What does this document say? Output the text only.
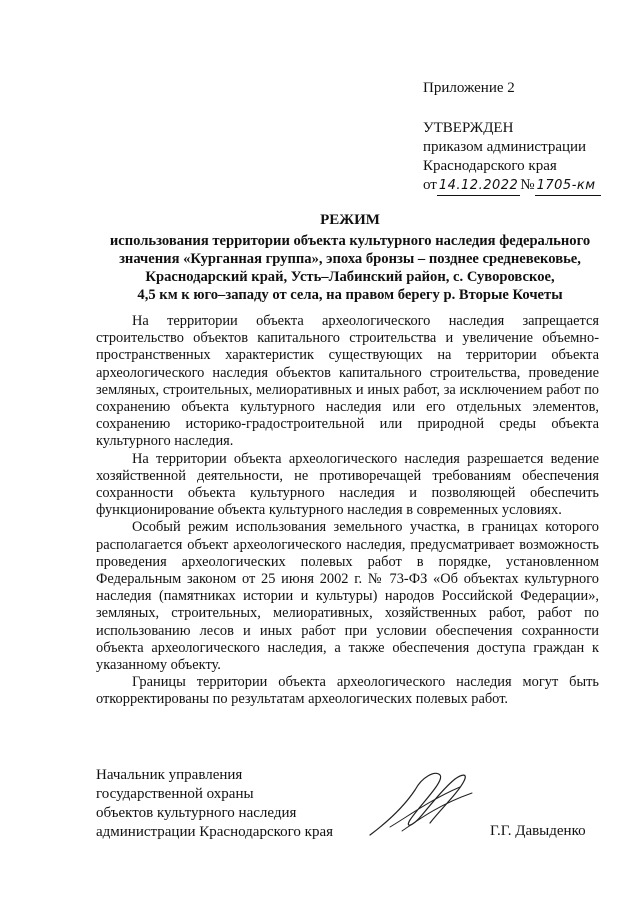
Приложение 2
УТВЕРЖДЕН
приказом администрации
Краснодарского края
от 14.12.2022 № 1705-км
РЕЖИМ
использования территории объекта культурного наследия федерального
значения «Курганная группа», эпоха бронзы – позднее средневековье,
Краснодарский край, Усть–Лабинский район, с. Суворовское,
4,5 км к юго–западу от села, на правом берегу р. Вторые Кочеты

На территории объекта археологического наследия запрещается строительство объектов капитального строительства и увеличение объемно-пространственных характеристик существующих на территории объекта археологического наследия объектов капитального строительства, проведение земляных, строительных, мелиоративных и иных работ, за исключением работ по сохранению объекта культурного наследия или его отдельных элементов, сохранению историко-градостроительной или природной среды объекта культурного наследия.

На территории объекта археологического наследия разрешается ведение хозяйственной деятельности, не противоречащей требованиям обеспечения сохранности объекта культурного наследия и позволяющей обеспечить функционирование объекта культурного наследия в современных условиях.

Особый режим использования земельного участка, в границах которого располагается объект археологического наследия, предусматривает возможность проведения археологических полевых работ в порядке, установленном Федеральным законом от 25 июня 2002 г. № 73-ФЗ «Об объектах культурного наследия (памятниках истории и культуры) народов Российской Федерации», земляных, строительных, мелиоративных, хозяйственных работ, работ по использованию лесов и иных работ при условии обеспечения сохранности объекта археологического наследия, а также обеспечения доступа граждан к указанному объекту.

Границы территории объекта археологического наследия могут быть откорректированы по результатам археологических полевых работ.

Начальник управления
государственной охраны
объектов культурного наследия
администрации Краснодарского края	Г.Г. Давыденко
